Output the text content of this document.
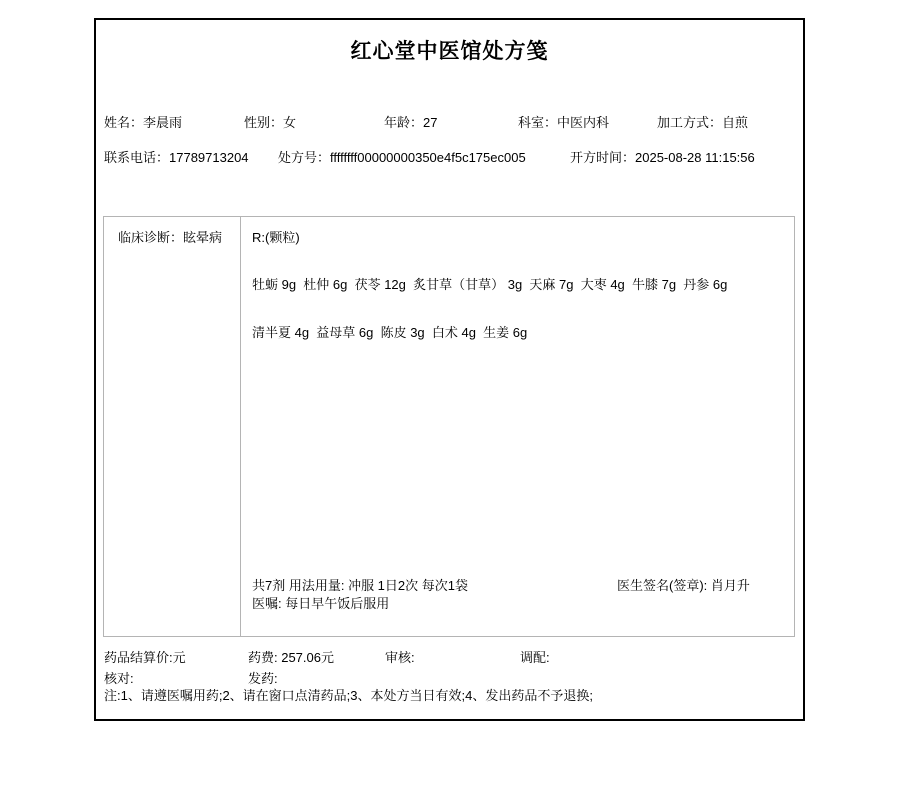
红心堂中医馆处方笺
姓名：李晨雨	性别：女	年龄：27	科室：中医内科	加工方式：自煎
联系电话：17789713204 处方号：ffffffff00000000350e4f5c175ec005	开方时间：2025-08-28 11:15:56
临床诊断：眩晕病 R:(颗粒)
牡蛎 9g  杜仲 6g  茯苓 12g  炙甘草（甘草） 3g  天麻 7g  大枣 4g  牛膝 7g  丹参 6g
清半夏 4g  益母草 6g  陈皮 3g  白术 4g  生姜 6g
共7剂 用法用量: 冲服 1日2次 每次1袋
医嘱: 每日早午饭后服用
医生签名(签章): 肖月升
药品结算价:元	药费: 257.06元	审核:	调配:
核对:	发药:
注:1、请遵医嘱用药;2、请在窗口点清药品;3、本处方当日有效;4、发出药品不予退换;
